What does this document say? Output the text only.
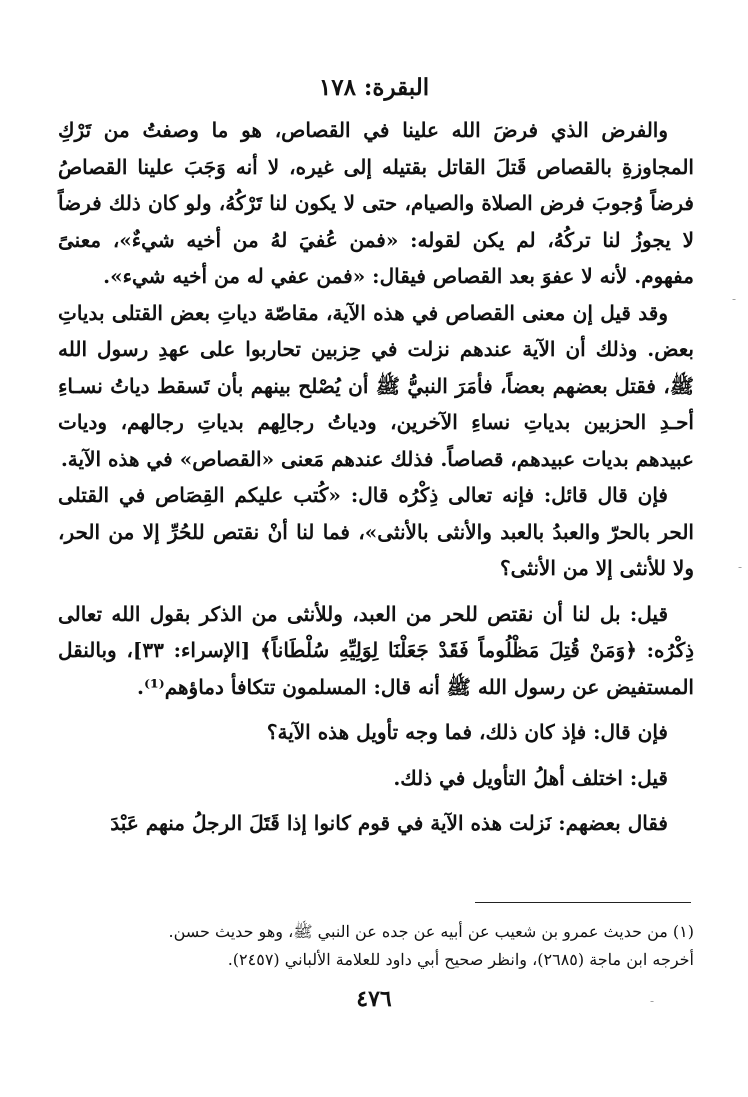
البقرة: ١٧٨

والفرض الذي فرضَ الله علينا في القصاص، هو ما وصفتُ من تَرْكِ المجاوزةِ بالقصاص قَتلَ القاتل بقتيله إلى غيره، لا أنه وَجَبَ علينا القصاصُ فرضاً وُجوبَ فرض الصلاة والصيام، حتى لا يكون لنا تَرْكُهُ، ولو كان ذلك فرضاً لا يجوزُ لنا تركُهُ، لم يكن لقوله: «فمن عُفيَ لهُ من أخيه شيءٌ»، معنىً مفهوم. لأنه لا عفوَ بعد القصاص فيقال: «فمن عفي له من أخيه شيء».

وقد قيل إن معنى القصاص في هذه الآية، مقاصّة دياتِ بعض القتلى بدياتِ بعض. وذلك أن الآية عندهم نزلت في حِزبين تحاربوا على عهدِ رسول الله ﷺ، فقتل بعضهم بعضاً، فأمَرَ النبيُّ ﷺ أن يُصْلح بينهم بأن تَسقط دياتُ نسـاءِ أحـدِ الحزبين بدياتِ نساءِ الآخرين، ودياتُ رجالِهم بدياتِ رجالهم، وديات عبيدهم بديات عبيدهم، قصاصاً. فذلك عندهم مَعنى «القصاص» في هذه الآية.

فإن قال قائل: فإنه تعالى ذِكْرُه قال: «كُتب عليكم القِصَاص في القتلى الحر بالحرّ والعبدُ بالعبد والأنثى بالأنثى»، فما لنا أنْ نقتص للحُرِّ إلا من الحر، ولا للأنثى إلا من الأنثى؟

قيل: بل لنا أن نقتص للحر من العبد، وللأنثى من الذكر بقول الله تعالى ذِكْرُه: ﴿وَمَنْ قُتِلَ مَظْلُوماً فَقَدْ جَعَلْنَا لِوَلِيِّهِ سُلْطَاناً﴾ [الإسراء: ٣٣]، وبالنقل المستفيض عن رسول الله ﷺ أنه قال: المسلمون تتكافأ دماؤهم⁽¹⁾.

فإن قال: فإذ كان ذلك، فما وجه تأويل هذه الآية؟

قيل: اختلف أهلُ التأويل في ذلك.

فقال بعضهم: نَزلت هذه الآية في قوم كانوا إذا قَتَلَ الرجلُ منهم عَبْدَ

(١) من حديث عمرو بن شعيب عن أبيه عن جده عن النبي ﷺ، وهو حديث حسن.

أخرجه ابن ماجة (٢٦٨٥)، وانظر صحيح أبي داود للعلامة الألباني (٢٤٥٧).

٤٧٦
-
-
-
